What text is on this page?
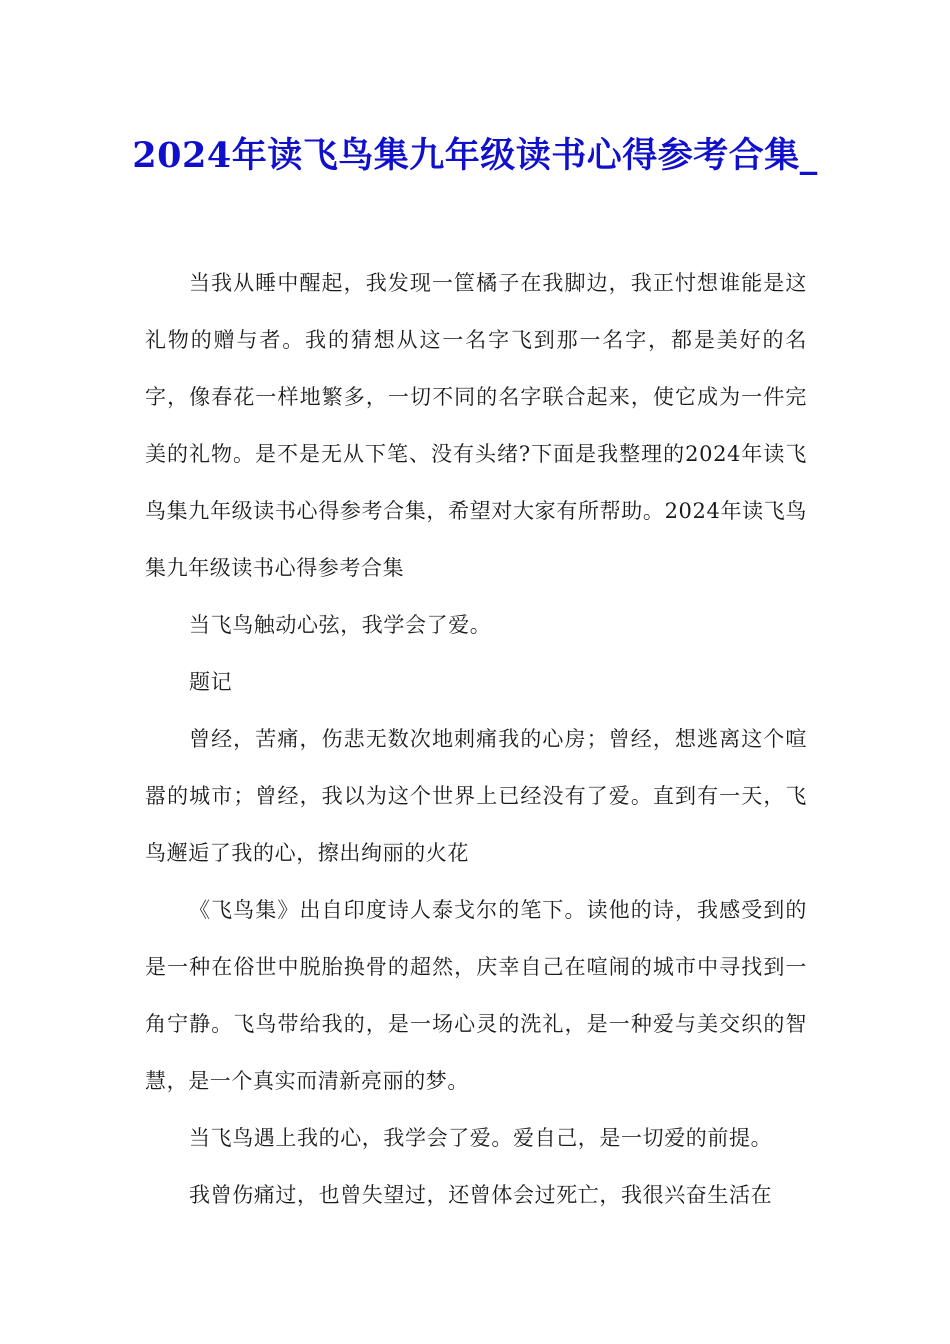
2024年读飞鸟集九年级读书心得参考合集_

当我从睡中醒起，我发现一筐橘子在我脚边，我正忖想谁能是这礼物的赠与者。我的猜想从这一名字飞到那一名字，都是美好的名字，像春花一样地繁多，一切不同的名字联合起来，使它成为一件完美的礼物。是不是无从下笔、没有头绪?下面是我整理的2024年读飞鸟集九年级读书心得参考合集，希望对大家有所帮助。2024年读飞鸟集九年级读书心得参考合集

当飞鸟触动心弦，我学会了爱。

题记

曾经，苦痛，伤悲无数次地刺痛我的心房；曾经，想逃离这个喧嚣的城市；曾经，我以为这个世界上已经没有了爱。直到有一天，飞鸟邂逅了我的心，擦出绚丽的火花

《飞鸟集》出自印度诗人泰戈尔的笔下。读他的诗，我感受到的是一种在俗世中脱胎换骨的超然，庆幸自己在喧闹的城市中寻找到一角宁静。飞鸟带给我的，是一场心灵的洗礼，是一种爱与美交织的智慧，是一个真实而清新亮丽的梦。

当飞鸟遇上我的心，我学会了爱。爱自己，是一切爱的前提。

我曾伤痛过，也曾失望过，还曾体会过死亡，我很兴奋生活在
